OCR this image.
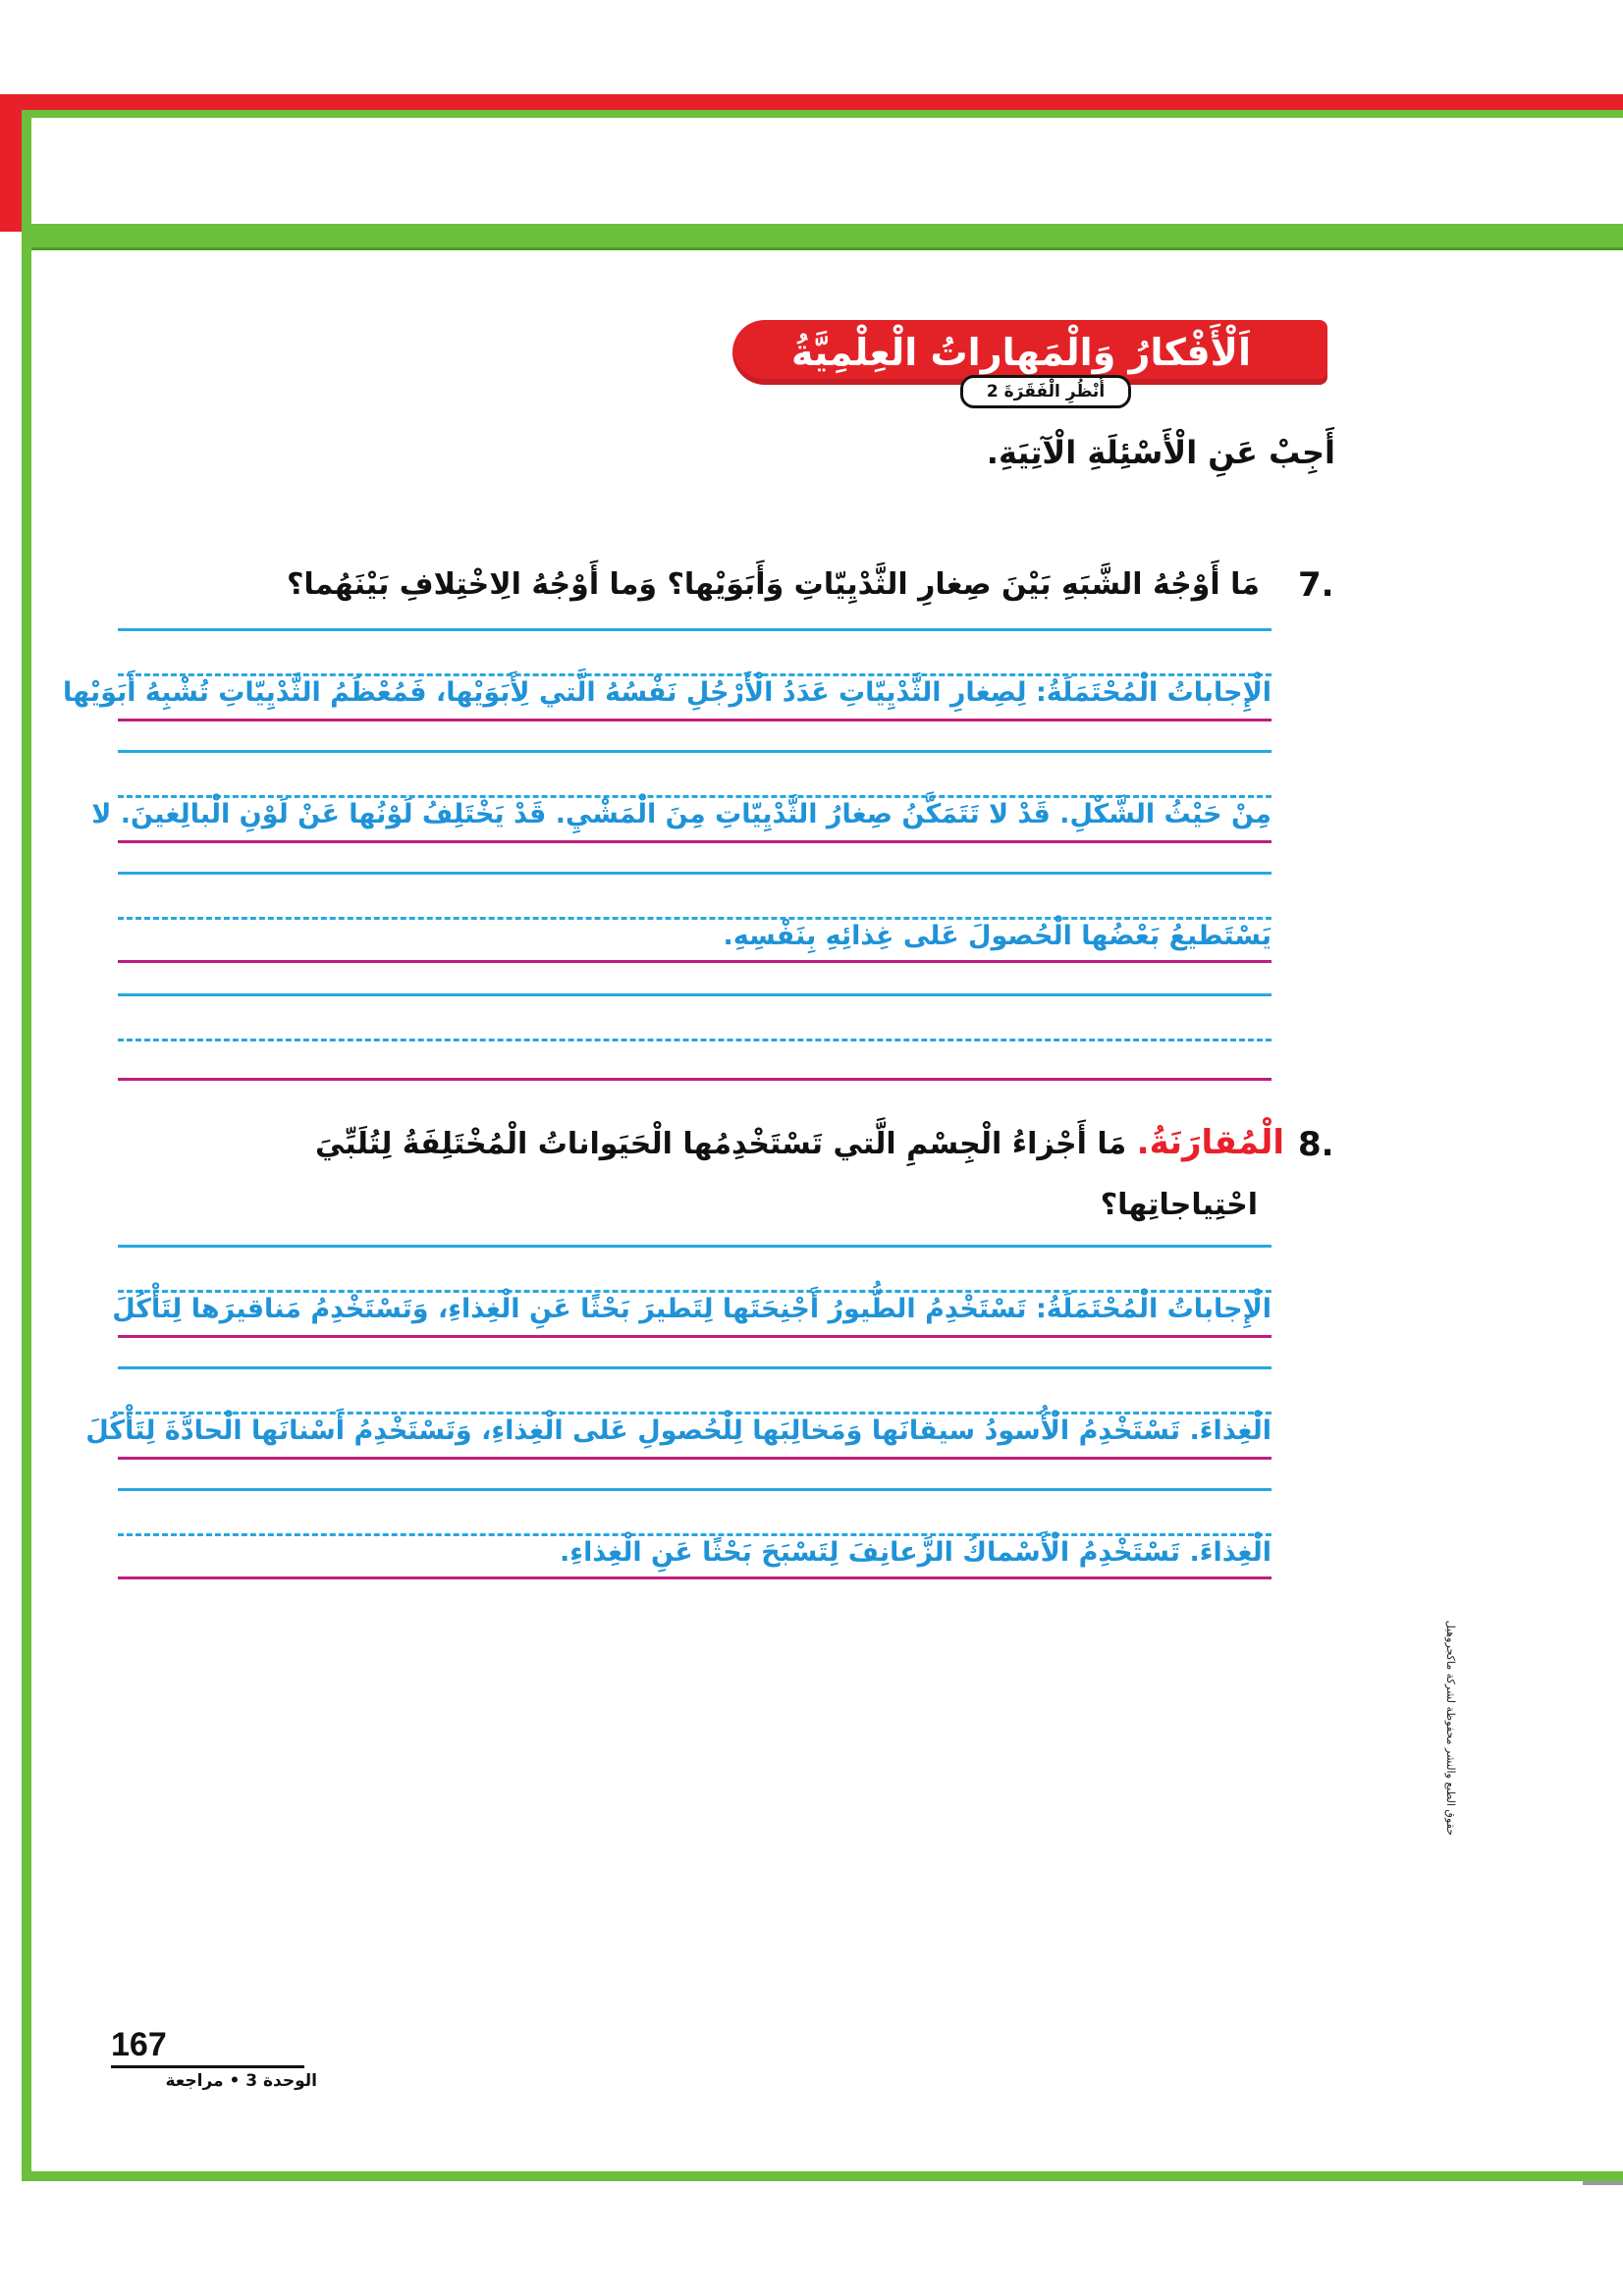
اَلْأَفْكارُ وَالْمَهاراتُ الْعِلْمِيَّةُ
أُنْظُرِ الْفَقَرَةَ 2
أَجِبْ عَنِ الْأَسْئِلَةِ الْآتِيَةِ.
7.
مَا أَوْجُهُ الشَّبَهِ بَيْنَ صِغارِ الثَّدْيِيّاتِ وَأَبَوَيْها؟ وَما أَوْجُهُ الِاخْتِلافِ بَيْنَهُما؟
الْإِجاباتُ الْمُحْتَمَلَةُ: لِصِغارِ الثَّدْيِيّاتِ عَدَدُ الْأَرْجُلِ نَفْسُهُ الَّتي لِأَبَوَيْها، فَمُعْظَمُ الثَّدْيِيّاتِ تُشْبِهُ أَبَوَيْها
مِنْ حَيْثُ الشَّكْلِ. قَدْ لا تَتَمَكَّنُ صِغارُ الثَّدْيِيّاتِ مِنَ الْمَشْيِ. قَدْ يَخْتَلِفُ لَوْنُها عَنْ لَوْنِ الْبالِغينَ. لا
يَسْتَطيعُ بَعْضُها الْحُصولَ عَلى غِذائِهِ بِنَفْسِهِ.
8.
الْمُقارَنَةُ. مَا أَجْزاءُ الْجِسْمِ الَّتي تَسْتَخْدِمُها الْحَيَواناتُ الْمُخْتَلِفَةُ لِتُلَبِّيَ
احْتِياجاتِها؟
الْإِجاباتُ الْمُحْتَمَلَةُ: تَسْتَخْدِمُ الطُّيورُ أَجْنِحَتَها لِتَطيرَ بَحْثًا عَنِ الْغِذاءِ، وَتَسْتَخْدِمُ مَناقيرَها لِتَأْكُلَ
الْغِذاءَ. تَسْتَخْدِمُ الْأُسودُ سيقانَها وَمَخالِبَها لِلْحُصولِ عَلى الْغِذاءِ، وَتَسْتَخْدِمُ أَسْنانَها الْحادَّةَ لِتَأْكُلَ
الْغِذاءَ. تَسْتَخْدِمُ الْأَسْماكُ الزَّعانِفَ لِتَسْبَحَ بَحْثًا عَنِ الْغِذاءِ.
حقوق الطبع والنشر محفوظة لشركة ماكجروهيل
167
الوحدة 3 • مراجعة
